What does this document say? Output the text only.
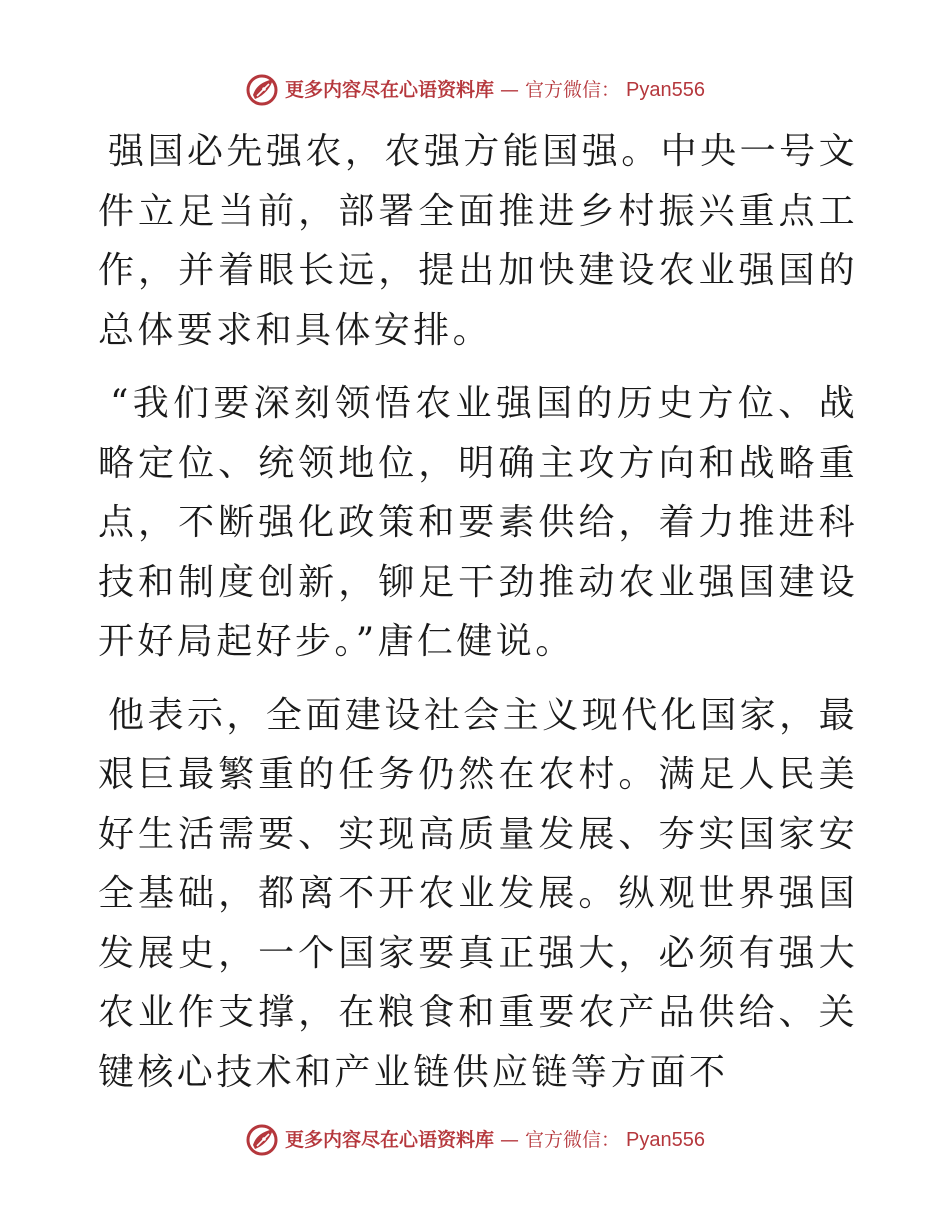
更多内容尽在心语资料库 — 官方微信： Pyan556

强国必先强农，农强方能国强。中央一号文件立足当前，部署全面推进乡村振兴重点工作，并着眼长远，提出加快建设农业强国的总体要求和具体安排。

“我们要深刻领悟农业强国的历史方位、战略定位、统领地位，明确主攻方向和战略重点，不断强化政策和要素供给，着力推进科技和制度创新，铆足干劲推动农业强国建设开好局起好步。”唐仁健说。

他表示，全面建设社会主义现代化国家，最艰巨最繁重的任务仍然在农村。满足人民美好生活需要、实现高质量发展、夯实国家安全基础，都离不开农业发展。纵观世界强国发展史，一个国家要真正强大，必须有强大农业作支撑，在粮食和重要农产品供给、关键核心技术和产业链供应链等方面不

更多内容尽在心语资料库 — 官方微信： Pyan556
